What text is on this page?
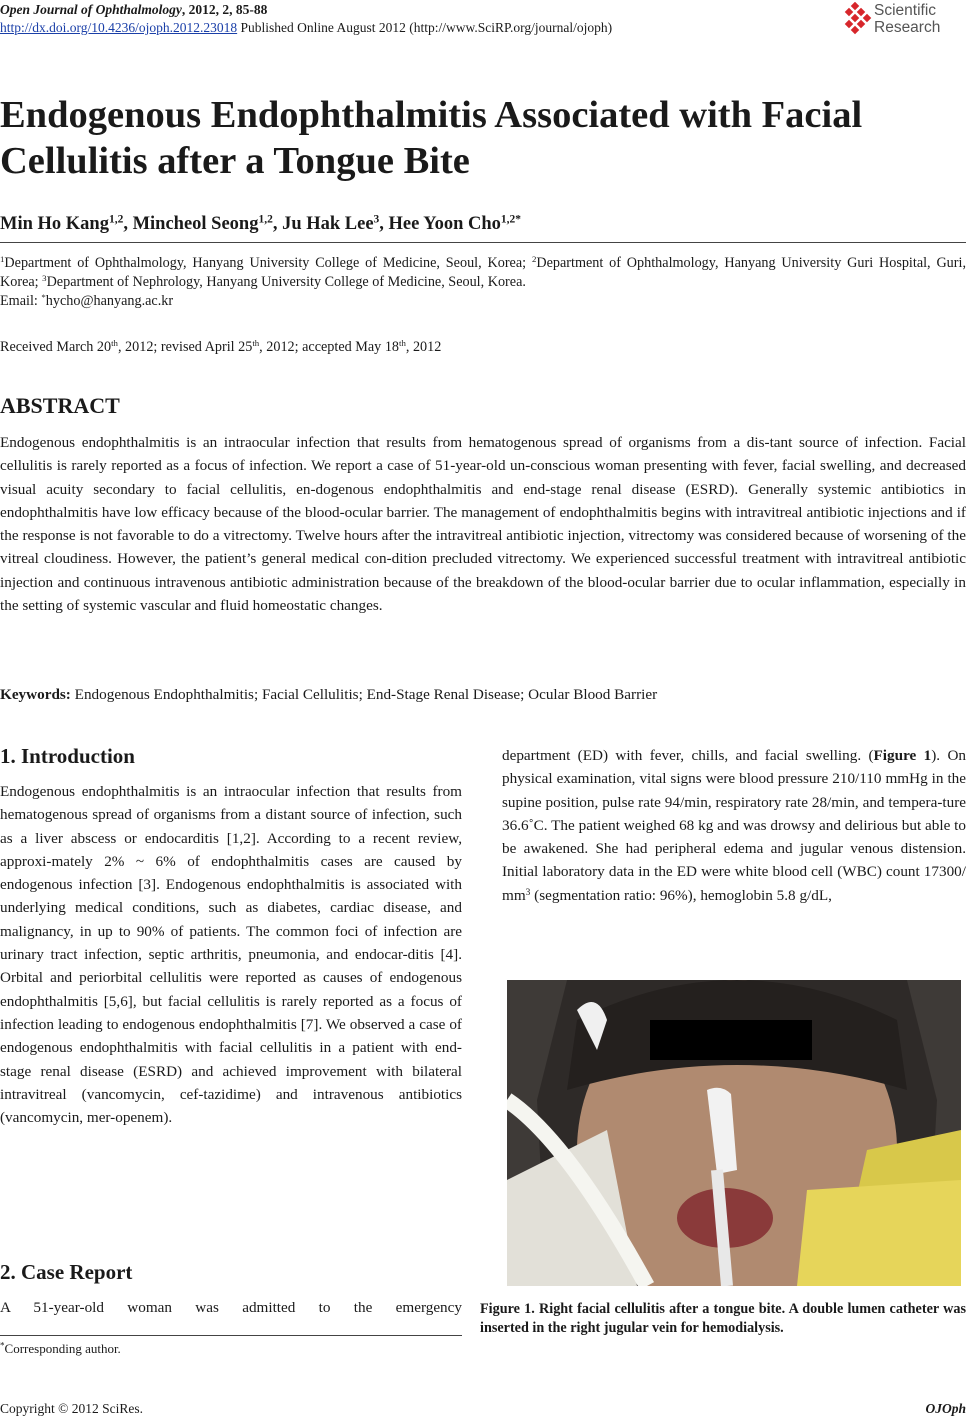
Open Journal of Ophthalmology, 2012, 2, 85-88
http://dx.doi.org/10.4236/ojoph.2012.23018 Published Online August 2012 (http://www.SciRP.org/journal/ojoph)
Scientific
Research
Endogenous Endophthalmitis Associated with Facial
Cellulitis after a Tongue Bite
Min Ho Kang$^{1,2}$, Mincheol Seong$^{1,2}$, Ju Hak Lee$^3$, Hee Yoon Cho$^{1,2*}$
$^1$Department of Ophthalmology, Hanyang University College of Medicine, Seoul, Korea; $^2$Department of Ophthalmology, Hanyang University Guri Hospital, Guri, Korea; $^3$Department of Nephrology, Hanyang University College of Medicine, Seoul, Korea.
Email: *hycho@hanyang.ac.kr
Received March 20th, 2012; revised April 25th, 2012; accepted May 18th, 2012
ABSTRACT

Endogenous endophthalmitis is an intraocular infection that results from hematogenous spread of organisms from a dis-tant source of infection. Facial cellulitis is rarely reported as a focus of infection. We report a case of 51-year-old un-conscious woman presenting with fever, facial swelling, and decreased visual acuity secondary to facial cellulitis, en-dogenous endophthalmitis and end-stage renal disease (ESRD). Generally systemic antibiotics in endophthalmitis have low efficacy because of the blood-ocular barrier. The management of endophthalmitis begins with intravitreal antibiotic injections and if the response is not favorable to do a vitrectomy. Twelve hours after the intravitreal antibiotic injection, vitrectomy was considered because of worsening of the vitreal cloudiness. However, the patient’s general medical con-dition precluded vitrectomy. We experienced successful treatment with intravitreal antibiotic injection and continuous intravenous antibiotic administration because of the breakdown of the blood-ocular barrier due to ocular inflammation, especially in the setting of systemic vascular and fluid homeostatic changes.

Keywords: Endogenous Endophthalmitis; Facial Cellulitis; End-Stage Renal Disease; Ocular Blood Barrier
1. Introduction

Endogenous endophthalmitis is an intraocular infection that results from hematogenous spread of organisms from a distant source of infection, such as a liver abscess or endocarditis [1,2]. According to a recent review, approxi-mately 2% ~ 6% of endophthalmitis cases are caused by endogenous infection [3]. Endogenous endophthalmitis is associated with underlying medical conditions, such as diabetes, cardiac disease, and malignancy, in up to 90% of patients. The common foci of infection are urinary tract infection, septic arthritis, pneumonia, and endocar-ditis [4]. Orbital and periorbital cellulitis were reported as causes of endogenous endophthalmitis [5,6], but facial cellulitis is rarely reported as a focus of infection leading to endogenous endophthalmitis [7]. We observed a case of endogenous endophthalmitis with facial cellulitis in a patient with end-stage renal disease (ESRD) and achieved improvement with bilateral intravitreal (vancomycin, cef-tazidime) and intravenous antibiotics (vancomycin, mer-openem).

2. Case Report

A 51-year-old woman was admitted to the emergency

department (ED) with fever, chills, and facial swelling. (Figure 1). On physical examination, vital signs were blood pressure 210/110 mmHg in the supine position, pulse rate 94/min, respiratory rate 28/min, and tempera-ture 36.6˚C. The patient weighed 68 kg and was drowsy and delirious but able to be awakened. She had peripheral edema and jugular venous distension. Initial laboratory data in the ED were white blood cell (WBC) count 17300/ $mm^3$ (segmentation ratio: 96%), hemoglobin 5.8 g/dL,

Figure 1. Right facial cellulitis after a tongue bite. A double lumen catheter was inserted in the right jugular vein for hemodialysis.

*Corresponding author.
Copyright © 2012 SciRes.	OJOph
